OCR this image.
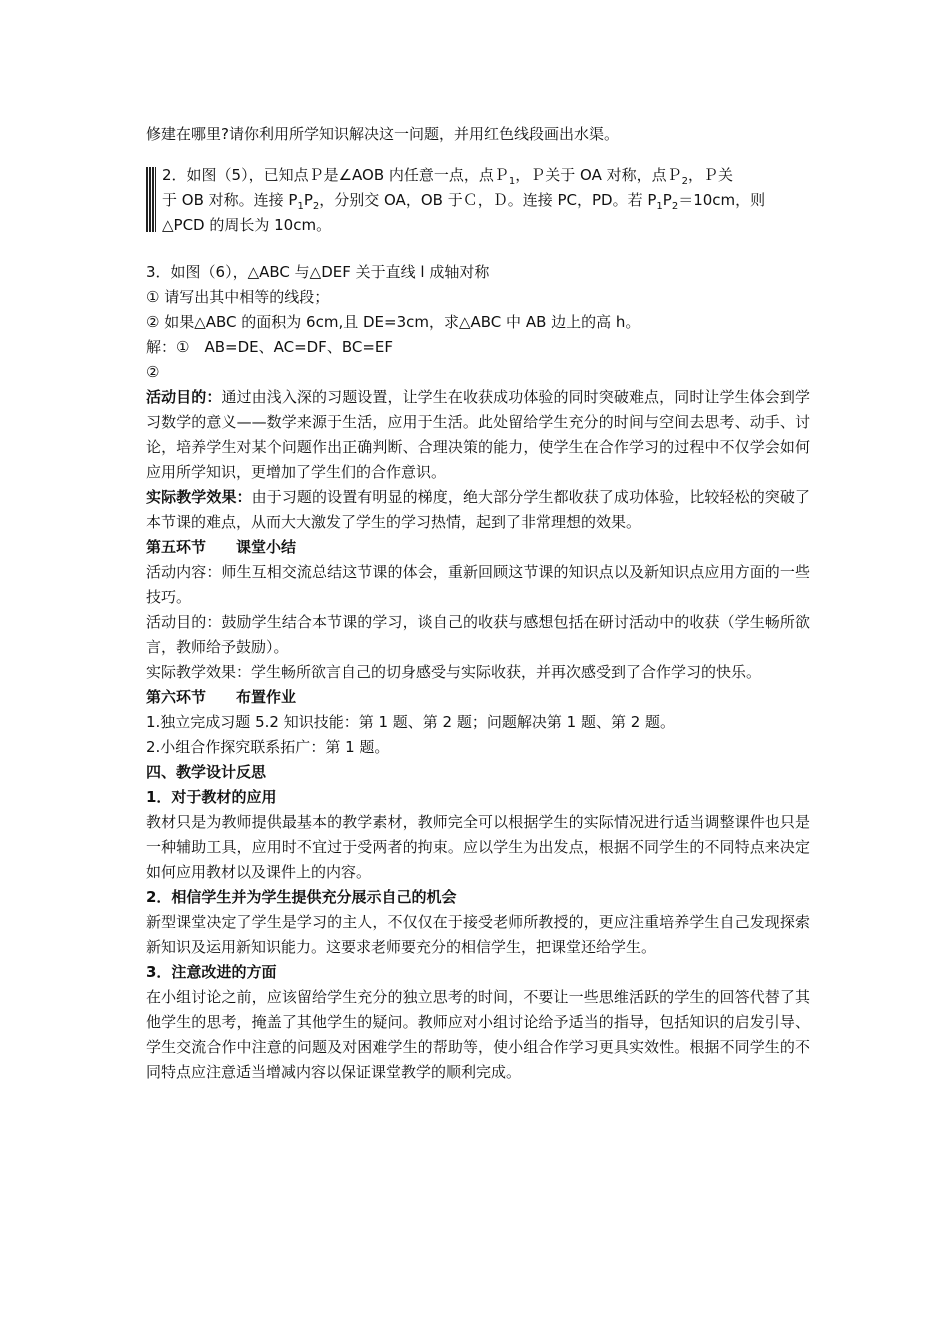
修建在哪里?请你利用所学知识解决这一问题，并用红色线段画出水渠。

2．如图（5），已知点Ｐ是∠AOB 内任意一点，点Ｐ$_1$，Ｐ关于 OA 对称，点Ｐ$_2$，Ｐ关

于 OB 对称。连接 $P_1P_2$，分别交 OA，OB 于Ｃ，Ｄ。连接 PC，PD。若 $P_1P_2=10cm$，则

△PCD 的周长为 10cm。

3．如图（6），△ABC 与△DEF 关于直线 l 成轴对称

① 请写出其中相等的线段；

② 如果△ABC 的面积为 6cm,且 DE=3cm，求△ABC 中 AB 边上的高 h。

解：①　AB=DE、AC=DF、BC=EF

②

活动目的：通过由浅入深的习题设置，让学生在收获成功体验的同时突破难点，同时让学生体会到学习数学的意义——数学来源于生活，应用于生活。此处留给学生充分的时间与空间去思考、动手、讨论，培养学生对某个问题作出正确判断、合理决策的能力，使学生在合作学习的过程中不仅学会如何应用所学知识，更增加了学生们的合作意识。

实际教学效果：由于习题的设置有明显的梯度，绝大部分学生都收获了成功体验，比较轻松的突破了本节课的难点，从而大大激发了学生的学习热情，起到了非常理想的效果。

第五环节　　课堂小结

活动内容：师生互相交流总结这节课的体会，重新回顾这节课的知识点以及新知识点应用方面的一些技巧。

活动目的：鼓励学生结合本节课的学习，谈自己的收获与感想包括在研讨活动中的收获（学生畅所欲言，教师给予鼓励）。

实际教学效果：学生畅所欲言自己的切身感受与实际收获，并再次感受到了合作学习的快乐。

第六环节　　布置作业

1.独立完成习题 5.2 知识技能：第 1 题、第 2 题；问题解决第 1 题、第 2 题。

2.小组合作探究联系拓广：第 1 题。

四、教学设计反思

1．对于教材的应用

教材只是为教师提供最基本的教学素材，教师完全可以根据学生的实际情况进行适当调整课件也只是一种辅助工具，应用时不宜过于受两者的拘束。应以学生为出发点，根据不同学生的不同特点来决定如何应用教材以及课件上的内容。

2．相信学生并为学生提供充分展示自己的机会

新型课堂决定了学生是学习的主人，不仅仅在于接受老师所教授的，更应注重培养学生自己发现探索新知识及运用新知识能力。这要求老师要充分的相信学生，把课堂还给学生。

3．注意改进的方面

在小组讨论之前，应该留给学生充分的独立思考的时间，不要让一些思维活跃的学生的回答代替了其他学生的思考，掩盖了其他学生的疑问。教师应对小组讨论给予适当的指导，包括知识的启发引导、学生交流合作中注意的问题及对困难学生的帮助等，使小组合作学习更具实效性。根据不同学生的不同特点应注意适当增减内容以保证课堂教学的顺利完成。
